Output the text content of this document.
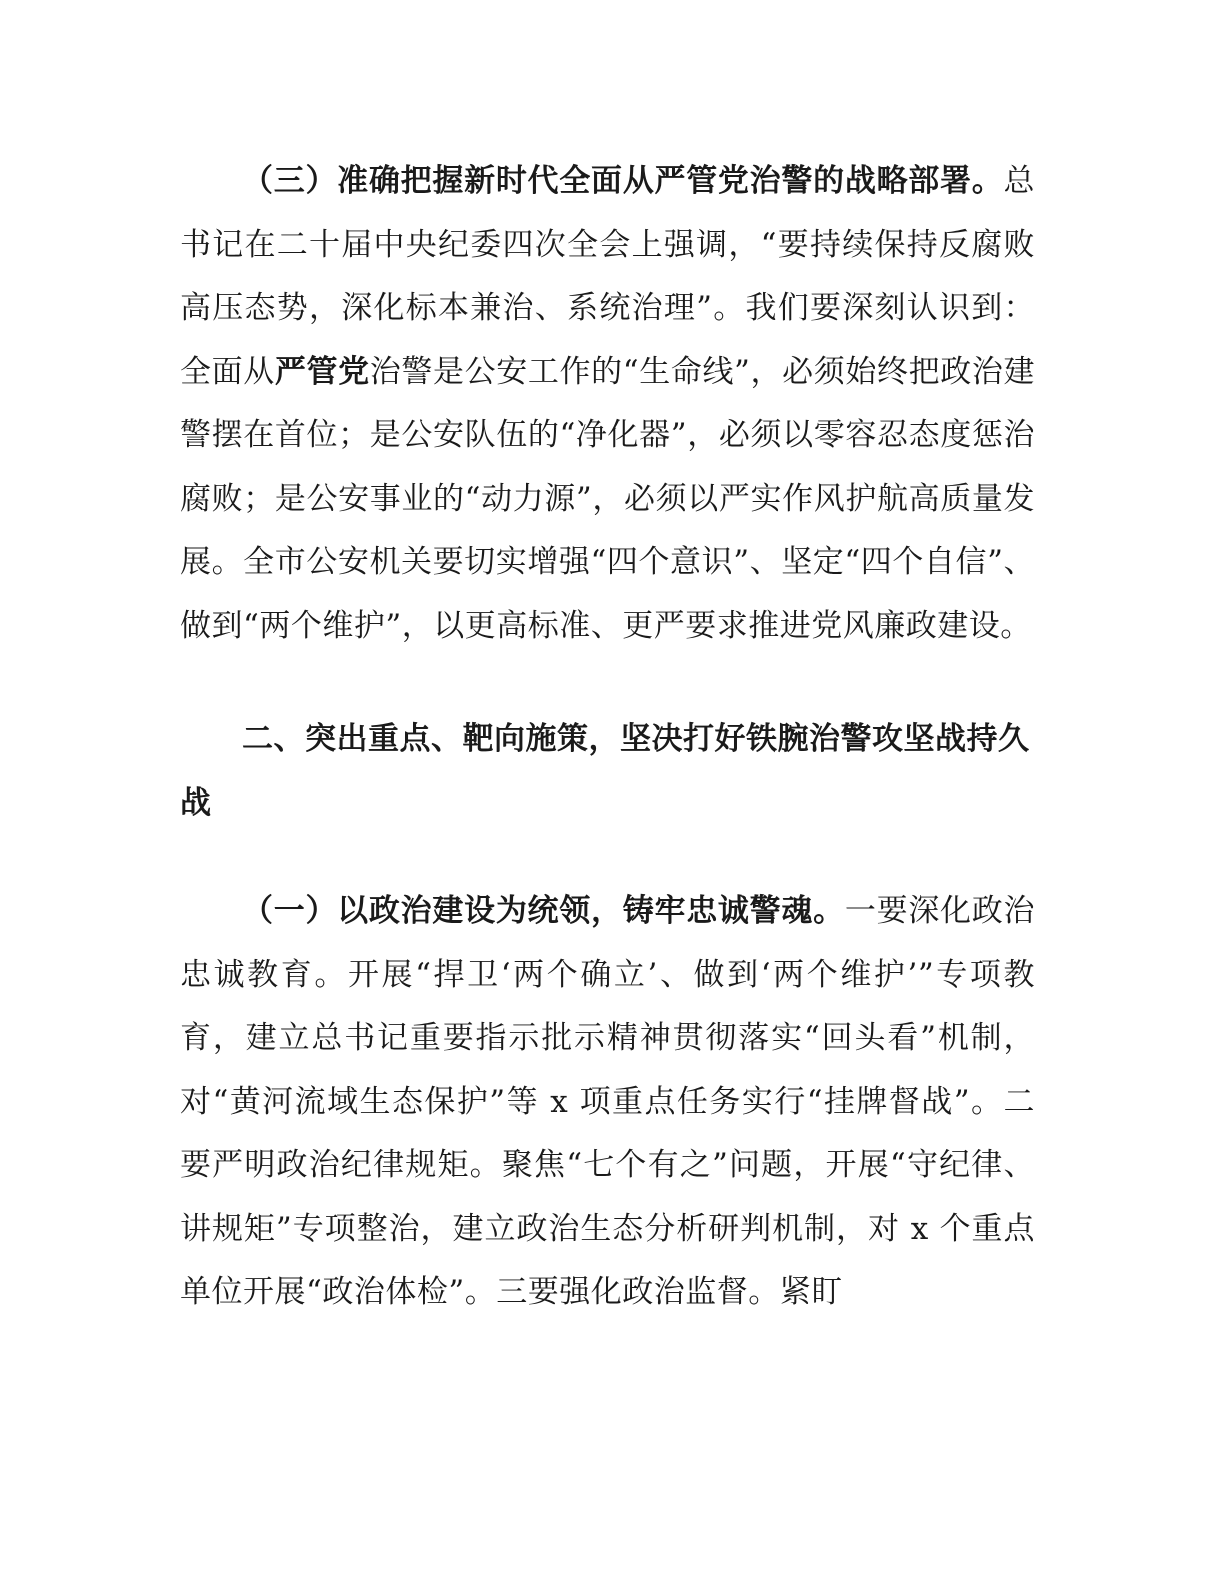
（三）准确把握新时代全面从严管党治警的战略部署。总书记在二十届中央纪委四次全会上强调，“要持续保持反腐败高压态势，深化标本兼治、系统治理”。我们要深刻认识到：全面从严管党治警是公安工作的“生命线”，必须始终把政治建警摆在首位；是公安队伍的“净化器”，必须以零容忍态度惩治腐败；是公安事业的“动力源”，必须以严实作风护航高质量发展。全市公安机关要切实增强“四个意识”、坚定“四个自信”、做到“两个维护”，以更高标准、更严要求推进党风廉政建设。

二、突出重点、靶向施策，坚决打好铁腕治警攻坚战持久战

（一）以政治建设为统领，铸牢忠诚警魂。一要深化政治忠诚教育。开展“捍卫‘两个确立’、做到‘两个维护’”专项教育，建立总书记重要指示批示精神贯彻落实“回头看”机制，对“黄河流域生态保护”等 x 项重点任务实行“挂牌督战”。二要严明政治纪律规矩。聚焦“七个有之”问题，开展“守纪律、讲规矩”专项整治，建立政治生态分析研判机制，对 x 个重点单位开展“政治体检”。三要强化政治监督。紧盯
